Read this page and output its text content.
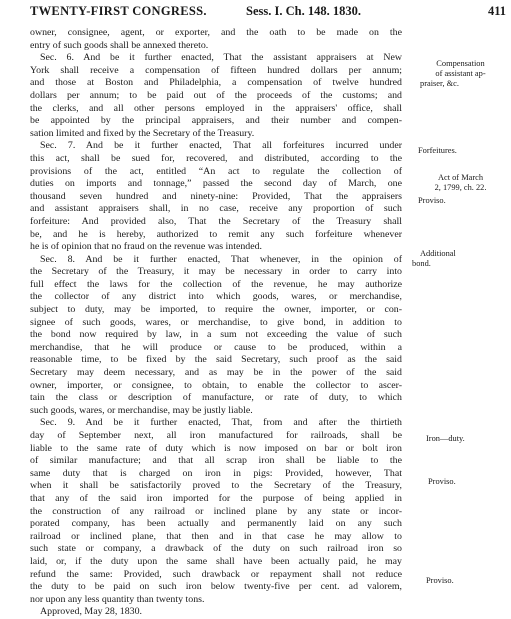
TWENTY-FIRST CONGRESS.	Sess. I. Ch. 148. 1830.	411
owner, consignee, agent, or exporter, and the oath to be made on the
entry of such goods shall be annexed thereto.
Sec. 6. And be it further enacted, That the assistant appraisers at New
York shall receive a compensation of fifteen hundred dollars per annum;
and those at Boston and Philadelphia, a compensation of twelve hundred
dollars per annum; to be paid out of the proceeds of the customs; and
the clerks, and all other persons employed in the appraisers' office, shall
be appointed by the principal appraisers, and their number and compen-
sation limited and fixed by the Secretary of the Treasury.
Sec. 7. And be it further enacted, That all forfeitures incurred under
this act, shall be sued for, recovered, and distributed, according to the
provisions of the act, entitled “An act to regulate the collection of
duties on imports and tonnage,” passed the second day of March, one
thousand seven hundred and ninety-nine: Provided, That the appraisers
and assistant appraisers shall, in no case, receive any proportion of such
forfeiture: And provided also, That the Secretary of the Treasury shall
be, and he is hereby, authorized to remit any such forfeiture whenever
he is of opinion that no fraud on the revenue was intended.
Sec. 8. And be it further enacted, That whenever, in the opinion of
the Secretary of the Treasury, it may be necessary in order to carry into
full effect the laws for the collection of the revenue, he may authorize
the collector of any district into which goods, wares, or merchandise,
subject to duty, may be imported, to require the owner, importer, or con-
signee of such goods, wares, or merchandise, to give bond, in addition to
the bond now required by law, in a sum not exceeding the value of such
merchandise, that he will produce or cause to be produced, within a
reasonable time, to be fixed by the said Secretary, such proof as the said
Secretary may deem necessary, and as may be in the power of the said
owner, importer, or consignee, to obtain, to enable the collector to ascer-
tain the class or description of manufacture, or rate of duty, to which
such goods, wares, or merchandise, may be justly liable.
Sec. 9. And be it further enacted, That, from and after the thirtieth
day of September next, all iron manufactured for railroads, shall be
liable to the same rate of duty which is now imposed on bar or bolt iron
of similar manufacture; and that all scrap iron shall be liable to the
same duty that is charged on iron in pigs: Provided, however, That
when it shall be satisfactorily proved to the Secretary of the Treasury,
that any of the said iron imported for the purpose of being applied in
the construction of any railroad or inclined plane by any state or incor-
porated company, has been actually and permanently laid on any such
railroad or inclined plane, that then and in that case he may allow to
such state or company, a drawback of the duty on such railroad iron so
laid, or, if the duty upon the same shall have been actually paid, he may
refund the same: Provided, such drawback or repayment shall not reduce
the duty to be paid on such iron below twenty-five per cent. ad valorem,
nor upon any less quantity than twenty tons.
Approved, May 28, 1830.
Compensation
of assistant ap-
praiser, &c.
Forfeitures.
Act of March
2, 1799, ch. 22.
Proviso.
Additional
bond.
Iron—duty.
Proviso.
Proviso.
